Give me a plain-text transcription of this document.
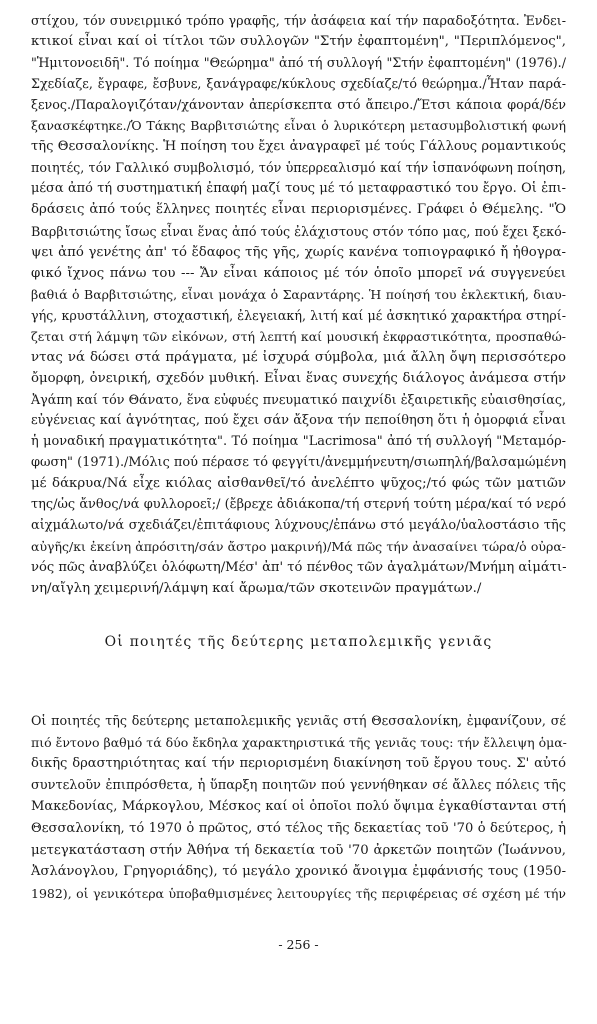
στίχου, τόν συνειρμικό τρόπο γραφῆς, τήν ἀσάφεια καί τήν παραδοξότητα. Ἐνδει-
κτικοί εἶναι καί οἱ τίτλοι τῶν συλλογῶν "Στήν ἐφαπτομένη", "Περιπλόμενος",
"Ἡμιτονοειδῆ". Τό ποίημα "Θεώρημα" ἀπό τή συλλογή "Στήν ἐφαπτομένη" (1976)./
Σχεδίαζε, ἔγραφε, ἔσβυνε, ξανάγραφε/κύκλους σχεδίαζε/τό θεώρημα./Ἦταν παρά-
ξενος./Παραλογιζόταν/χάνονταν ἀπερίσκεπτα στό ἄπειρο./Ἔτσι κάποια φορά/δέν
ξανασκέφτηκε./Ὁ Τάκης Βαρβιτσιώτης εἶναι ὁ λυρικότερη μετασυμβολιστική φωνή
τῆς Θεσσαλονίκης. Ἡ ποίηση του ἔχει ἀναγραφεῖ μέ τούς Γάλλους ρομαντικούς
ποιητές, τόν Γαλλικό συμβολισμό, τόν ὑπερρεαλισμό καί τήν ἱσπανόφωνη ποίηση,
μέσα ἀπό τή συστηματική ἐπαφή μαζί τους μέ τό μεταφραστικό του ἔργο. Οἱ ἐπι-
δράσεις ἀπό τούς ἕλληνες ποιητές εἶναι περιορισμένες. Γράφει ὁ Θέμελης. "Ὁ
Βαρβιτσιώτης ἴσως εἶναι ἕνας ἀπό τούς ἐλάχιστους στόν τόπο μας, πού ἔχει ξεκό-
ψει ἀπό γενέτης ἀπ' τό ἔδαφος τῆς γῆς, χωρίς κανένα τοπιογραφικό ἤ ἠθογρα-
φικό ἴχνος πάνω του --- Ἄν εἶναι κάποιος μέ τόν ὁποῖο μπορεῖ νά συγγενεύει
βαθιά ὁ Βαρβιτσιώτης, εἶναι μονάχα ὁ Σαραντάρης. Ἡ ποίησή του ἐκλεκτική, διαυ-
γής, κρυστάλλινη, στοχαστική, ἐλεγειακή, λιτή καί μέ ἀσκητικό χαρακτήρα στηρί-
ζεται στή λάμψη τῶν εἰκόνων, στή λεπτή καί μουσική ἐκφραστικότητα, προσπαθώ-
ντας νά δώσει στά πράγματα, μέ ἰσχυρά σύμβολα, μιά ἄλλη ὄψη περισσότερο
ὄμορφη, ὀνειρική, σχεδόν μυθική. Εἶναι ἕνας συνεχής διάλογος ἀνάμεσα στήν
Ἀγάπη καί τόν Θάνατο, ἕνα εὐφυές πνευματικό παιχνίδι ἐξαιρετικῆς εὐαισθησίας,
εὐγένειας καί ἁγνότητας, πού ἔχει σάν ἄξονα τήν πεποίθηση ὅτι ἡ ὀμορφιά εἶναι
ἡ μοναδική πραγματικότητα". Τό ποίημα "Lacrimosa" ἀπό τή συλλογή "Μεταμόρ-
φωση" (1971)./Μόλις πού πέρασε τό φεγγίτι/ἀνεμμήνευτη/σιωπηλή/βαλσαμώμένη
μέ δάκρυα/Νά εἶχε κιόλας αἰσθανθεῖ/τό ἀνελέπτο ψῦχος;/τό φώς τῶν ματιῶν
της/ὡς ἄνθος/νά φυλλοροεῖ;/ (ἔβρεχε ἀδιάκοπα/τή στερνή τούτη μέρα/καί τό νερό
αἰχμάλωτο/νά σχεδιάζει/ἐπιτάφιους λύχνους/ἐπάνω στό μεγάλο/ὑαλοστάσιο τῆς
αὐγῆς/κι ἐκείνη ἀπρόσιτη/σάν ἄστρο μακρινή)/Μά πῶς τήν ἀνασαίνει τώρα/ὁ οὐρα-
νός πῶς ἀναβλύζει ὁλόφωτη/Μέσ' ἀπ' τό πένθος τῶν ἀγαλμάτων/Μνήμη αἱμάτι-
νη/αἴγλη χειμερινή/λάμψη καί ἄρωμα/τῶν σκοτεινῶν πραγμάτων./
Οἱ ποιητές τῆς δεύτερης μεταπολεμικῆς γενιᾶς
Οἱ ποιητές τῆς δεύτερης μεταπολεμικῆς γενιᾶς στή Θεσσαλονίκη, ἐμφανίζουν, σέ
πιό ἔντονο βαθμό τά δύο ἔκδηλα χαρακτηριστικά τῆς γενιᾶς τους: τήν ἔλλειψη ὁμα-
δικῆς δραστηριότητας καί τήν περιορισμένη διακίνηση τοῦ ἔργου τους. Σ' αὐτό
συντελοῦν ἐπιπρόσθετα, ἡ ὕπαρξη ποιητῶν πού γεννήθηκαν σέ ἄλλες πόλεις τῆς
Μακεδονίας, Μάρκογλου, Μέσκος καί οἱ ὁποῖοι πολύ ὄψιμα ἐγκαθίστανται στή
Θεσσαλονίκη, τό 1970 ὁ πρῶτος, στό τέλος τῆς δεκαετίας τοῦ '70 ὁ δεύτερος, ἡ
μετεγκατάσταση στήν Ἀθήνα τή δεκαετία τοῦ '70 ἀρκετῶν ποιητῶν (Ἰωάννου,
Ἀσλάνογλου, Γρηγοριάδης), τό μεγάλο χρονικό ἄνοιγμα ἐμφάνισής τους (1950-
1982), οἱ γενικότερα ὑποβαθμισμένες λειτουργίες τῆς περιφέρειας σέ σχέση μέ τήν
- 256 -
